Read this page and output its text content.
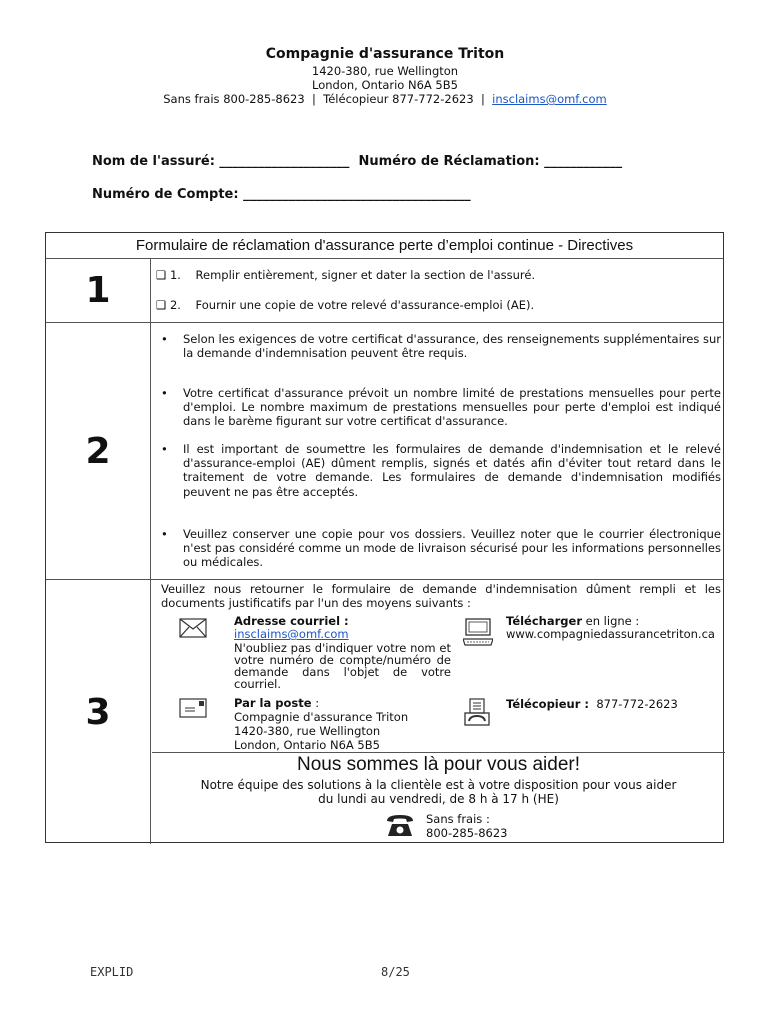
Compagnie d'assurance Triton
1420-380, rue Wellington
London, Ontario N6A 5B5
Sans frais 800-285-8623  |  Télécopieur 877-772-2623  |  insclaims@omf.com
Nom de l'assuré: ____________________  Numéro de Réclamation: ____________
Numéro de Compte: ___________________________________
Formulaire de réclamation d'assurance perte d’emploi continue - Directives
1	❑ 1.    Remplir entièrement, signer et dater la section de l'assuré.
❑ 2.    Fournir une copie de votre relevé d'assurance-emploi (AE).
2
• Selon les exigences de votre certificat d'assurance, des renseignements supplémentaires sur la demande d'indemnisation peuvent être requis.
• Votre certificat d'assurance prévoit un nombre limité de prestations mensuelles pour perte d'emploi. Le nombre maximum de prestations mensuelles pour perte d'emploi est indiqué dans le barème figurant sur votre certificat d'assurance.
• Il est important de soumettre les formulaires de demande d'indemnisation et le relevé d'assurance-emploi (AE) dûment remplis, signés et datés afin d'éviter tout retard dans le traitement de votre demande. Les formulaires de demande d'indemnisation modifiés peuvent ne pas être acceptés.
• Veuillez conserver une copie pour vos dossiers. Veuillez noter que le courrier électronique n'est pas considéré comme un mode de livraison sécurisé pour les informations personnelles ou médicales.
3
Veuillez nous retourner le formulaire de demande d'indemnisation dûment rempli et les documents justificatifs par l'un des moyens suivants :
Adresse courriel :
insclaims@omf.com
N'oubliez pas d'indiquer votre nom et votre numéro de compte/numéro de demande dans l'objet de votre courriel.
Télécharger en ligne :
www.compagniedassurancetriton.ca
Par la poste :
Compagnie d'assurance Triton
1420-380, rue Wellington
London, Ontario N6A 5B5
Télécopieur :  877-772-2623
Nous sommes là pour vous aider!
Notre équipe des solutions à la clientèle est à votre disposition pour vous aider
du lundi au vendredi, de 8 h à 17 h (HE)
Sans frais :
800-285-8623
EXPLID	8/25
